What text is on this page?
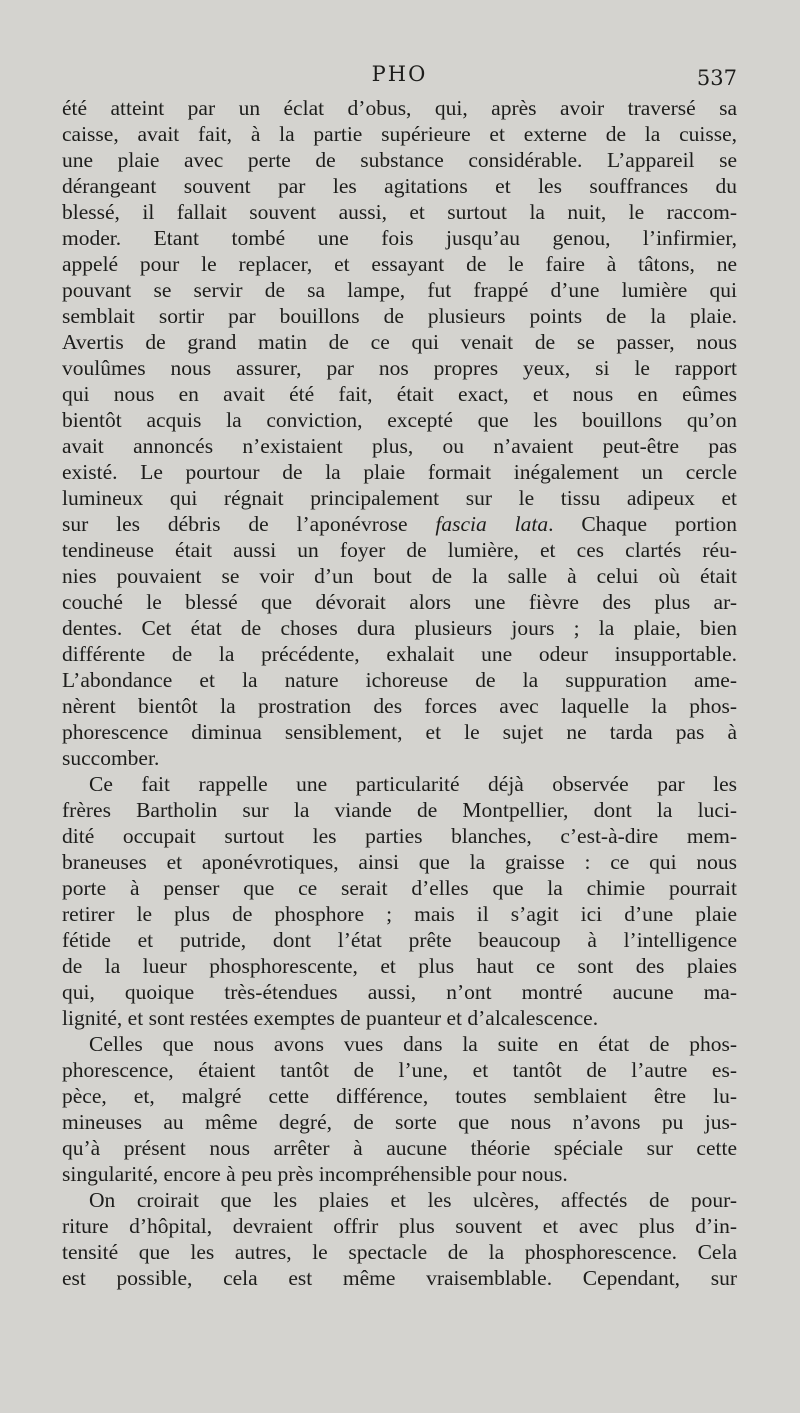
PHO	537
été atteint par un éclat d’obus, qui, après avoir traversé sa
caisse, avait fait, à la partie supérieure et externe de la cuisse,
une plaie avec perte de substance considérable. L’appareil se
dérangeant souvent par les agitations et les souffrances du
blessé, il fallait souvent aussi, et surtout la nuit, le raccom-
moder. Etant tombé une fois jusqu’au genou, l’infirmier,
appelé pour le replacer, et essayant de le faire à tâtons, ne
pouvant se servir de sa lampe, fut frappé d’une lumière qui
semblait sortir par bouillons de plusieurs points de la plaie.
Avertis de grand matin de ce qui venait de se passer, nous
voulûmes nous assurer, par nos propres yeux, si le rapport
qui nous en avait été fait, était exact, et nous en eûmes
bientôt acquis la conviction, excepté que les bouillons qu’on
avait annoncés n’existaient plus, ou n’avaient peut-être pas
existé. Le pourtour de la plaie formait inégalement un cercle
lumineux qui régnait principalement sur le tissu adipeux et
sur les débris de l’aponévrose fascia lata. Chaque portion
tendineuse était aussi un foyer de lumière, et ces clartés réu-
nies pouvaient se voir d’un bout de la salle à celui où était
couché le blessé que dévorait alors une fièvre des plus ar-
dentes. Cet état de choses dura plusieurs jours ; la plaie, bien
différente de la précédente, exhalait une odeur insupportable.
L’abondance et la nature ichoreuse de la suppuration ame-
nèrent bientôt la prostration des forces avec laquelle la phos-
phorescence diminua sensiblement, et le sujet ne tarda pas à
succomber.
Ce fait rappelle une particularité déjà observée par les
frères Bartholin sur la viande de Montpellier, dont la luci-
dité occupait surtout les parties blanches, c’est-à-dire mem-
braneuses et aponévrotiques, ainsi que la graisse : ce qui nous
porte à penser que ce serait d’elles que la chimie pourrait
retirer le plus de phosphore ; mais il s’agit ici d’une plaie
fétide et putride, dont l’état prête beaucoup à l’intelligence
de la lueur phosphorescente, et plus haut ce sont des plaies
qui, quoique très-étendues aussi, n’ont montré aucune ma-
lignité, et sont restées exemptes de puanteur et d’alcalescence.
Celles que nous avons vues dans la suite en état de phos-
phorescence, étaient tantôt de l’une, et tantôt de l’autre es-
pèce, et, malgré cette différence, toutes semblaient être lu-
mineuses au même degré, de sorte que nous n’avons pu jus-
qu’à présent nous arrêter à aucune théorie spéciale sur cette
singularité, encore à peu près incompréhensible pour nous.
On croirait que les plaies et les ulcères, affectés de pour-
riture d’hôpital, devraient offrir plus souvent et avec plus d’in-
tensité que les autres, le spectacle de la phosphorescence. Cela
est possible, cela est même vraisemblable. Cependant, sur
